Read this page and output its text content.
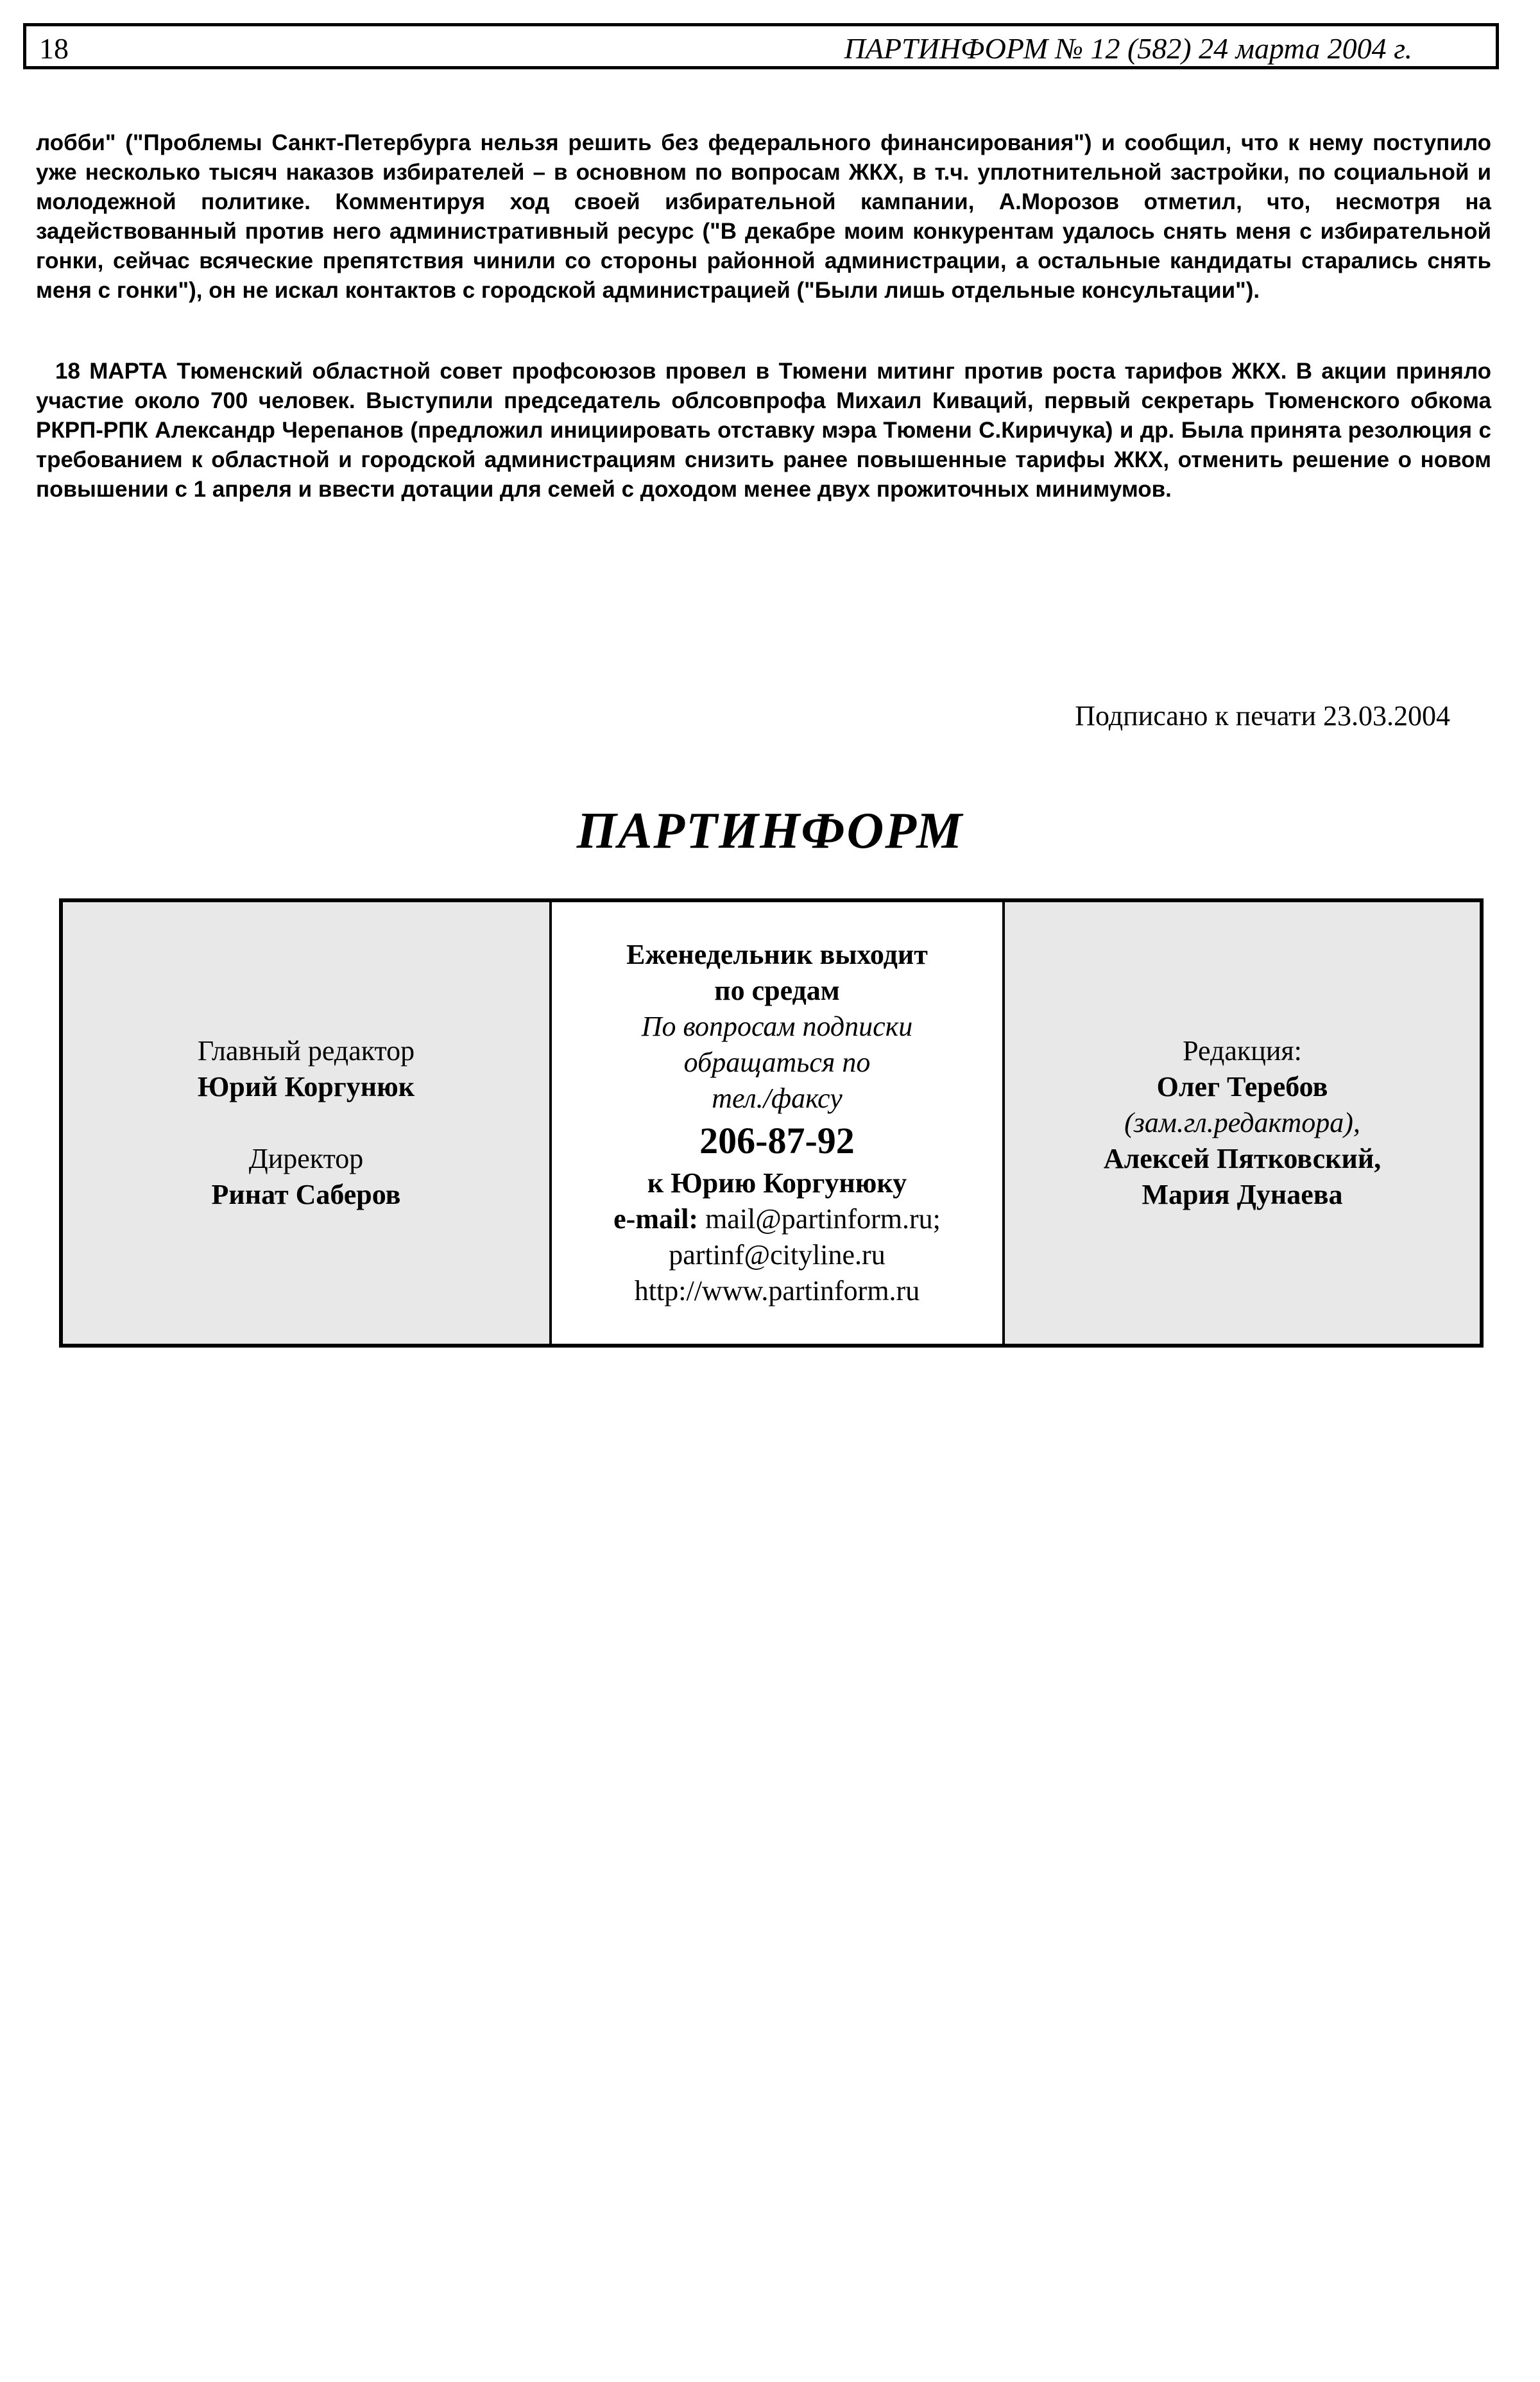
18	ПАРТИНФОРМ № 12 (582) 24 марта 2004 г.

лобби" ("Проблемы Санкт-Петербурга нельзя решить без федерального финансирования") и сообщил, что к нему поступило уже несколько тысяч наказов избирателей – в основном по вопросам ЖКХ, в т.ч. уплотнительной застройки, по социальной и молодежной политике. Комментируя ход своей избирательной кампании, А.Морозов отметил, что, несмотря на задействованный против него административный ресурс ("В декабре моим конкурентам удалось снять меня с избирательной гонки, сейчас всяческие препятствия чинили со стороны районной администрации, а остальные кандидаты старались снять меня с гонки"), он не искал контактов с городской администрацией ("Были лишь отдельные консультации").

18 МАРТА Тюменский областной совет профсоюзов провел в Тюмени митинг против роста тарифов ЖКХ. В акции приняло участие около 700 человек. Выступили председатель облсовпрофа Михаил Киваций, первый секретарь Тюменского обкома РКРП-РПК Александр Черепанов (предложил инициировать отставку мэра Тюмени С.Киричука) и др. Была принята резолюция с требованием к областной и городской администрациям снизить ранее повышенные тарифы ЖКХ, отменить решение о новом повышении с 1 апреля и ввести дотации для семей с доходом менее двух прожиточных минимумов.

Подписано к печати 23.03.2004
ПАРТИНФОРМ
Главный редактор
Юрий Коргунюк
Директор
Ринат Саберов
Еженедельник выходит
по средам
По вопросам подписки
обращаться по
тел./факсу
206-87-92
к Юрию Коргунюку
e-mail: mail@partinform.ru;
partinf@cityline.ru
http://www.partinform.ru
Редакция:
Олег Теребов
(зам.гл.редактора),
Алексей Пятковский,
Мария Дунаева
